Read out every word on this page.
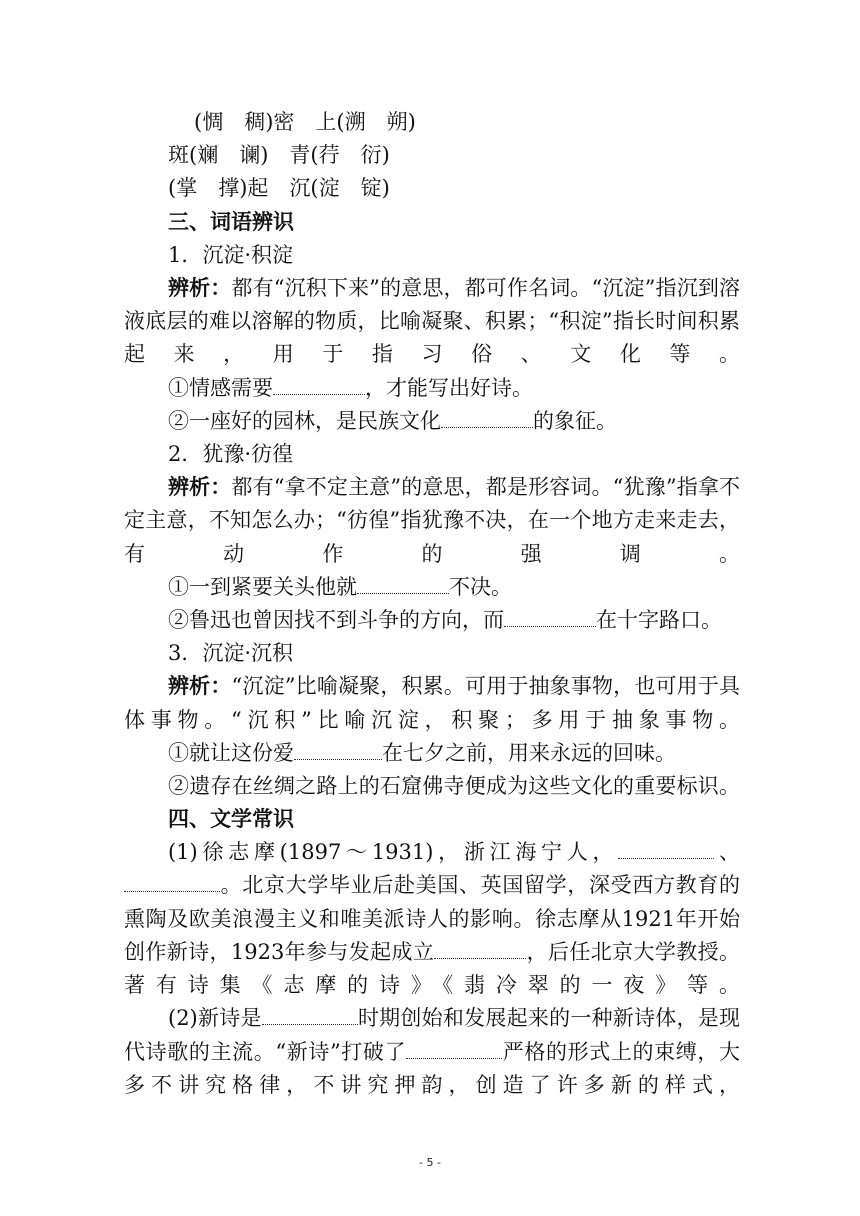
(惆　稠)密　上(溯　朔)
斑(斓　谰)　青(荇　衍)
(掌　撑)起　沉(淀　锭)
三、词语辨识
1．沉淀·积淀
辨析：都有“沉积下来”的意思，都可作名词。“沉淀”指沉到溶液底层的难以溶解的物质，比喻凝聚、积累；“积淀”指长时间积累起来，用于指习俗、文化等。
①情感需要	，才能写出好诗。
②一座好的园林，是民族文化	的象征。
2．犹豫·彷徨
辨析：都有“拿不定主意”的意思，都是形容词。“犹豫”指拿不定主意，不知怎么办；“彷徨”指犹豫不决，在一个地方走来走去，有动作的强调。
①一到紧要关头他就	不决。
②鲁迅也曾因找不到斗争的方向，而	在十字路口。
3．沉淀·沉积
辨析：“沉淀”比喻凝聚，积累。可用于抽象事物，也可用于具体事物。“沉积”比喻沉淀，积聚；多用于抽象事物。
①就让这份爱	在七夕之前，用来永远的回味。
②遗存在丝绸之路上的石窟佛寺便成为这些文化的重要标识。
四、文学常识
(1)徐志摩(1897～1931)，浙江海宁人，	、。北京大学毕业后赴美国、英国留学，深受西方教育的熏陶及欧美浪漫主义和唯美派诗人的影响。徐志摩从1921年开始创作新诗，1923年参与发起成立	，后任北京大学教授。著有诗集《志摩的诗》《翡冷翠的一夜》等。
(2)新诗是	时期创始和发展起来的一种新诗体，是现代诗歌的主流。“新诗”打破了	严格的形式上的束缚，大多不讲究格律，不讲究押韵，创造了许多新的样式，
- 5 -
